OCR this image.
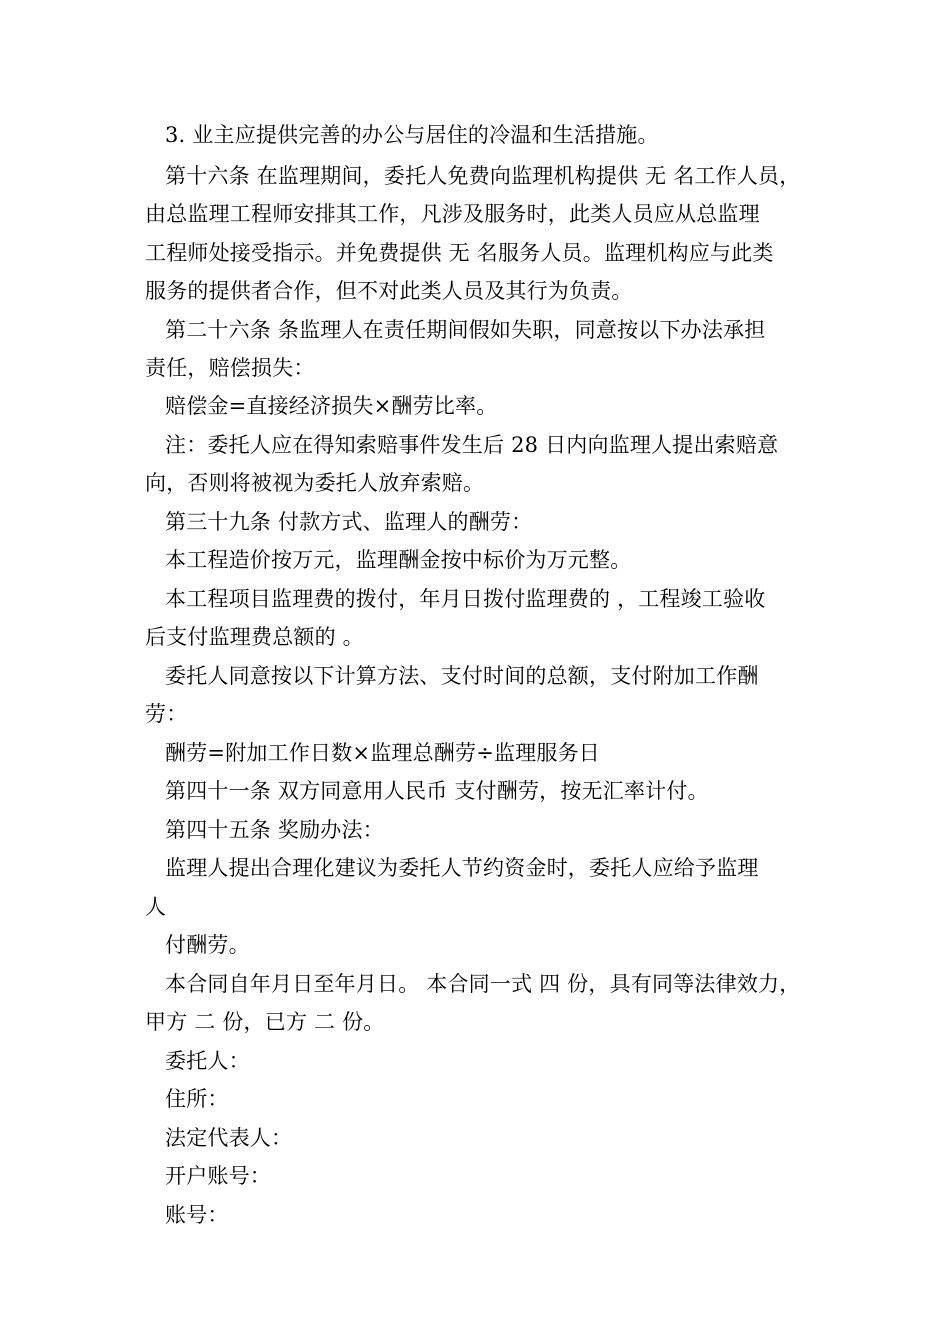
3. 业主应提供完善的办公与居住的冷温和生活措施。
第十六条 在监理期间，委托人免费向监理机构提供 无 名工作人员，
由总监理工程师安排其工作，凡涉及服务时，此类人员应从总监理
工程师处接受指示。并免费提供 无 名服务人员。监理机构应与此类
服务的提供者合作，但不对此类人员及其行为负责。
第二十六条 条监理人在责任期间假如失职，同意按以下办法承担
责任，赔偿损失：
赔偿金=直接经济损失×酬劳比率。
注：委托人应在得知索赔事件发生后 28 日内向监理人提出索赔意
向，否则将被视为委托人放弃索赔。
第三十九条 付款方式、监理人的酬劳：
本工程造价按万元，监理酬金按中标价为万元整。
本工程项目监理费的拨付，年月日拨付监理费的 ，工程竣工验收
后支付监理费总额的 。
委托人同意按以下计算方法、支付时间的总额，支付附加工作酬
劳：
酬劳=附加工作日数×监理总酬劳÷监理服务日
第四十一条 双方同意用人民币 支付酬劳，按无汇率计付。
第四十五条 奖励办法：
监理人提出合理化建议为委托人节约资金时，委托人应给予监理
人
付酬劳。
本合同自年月日至年月日。 本合同一式 四 份，具有同等法律效力，
甲方 二 份，已方 二 份。
委托人：
住所：
法定代表人：
开户账号：
账号：
